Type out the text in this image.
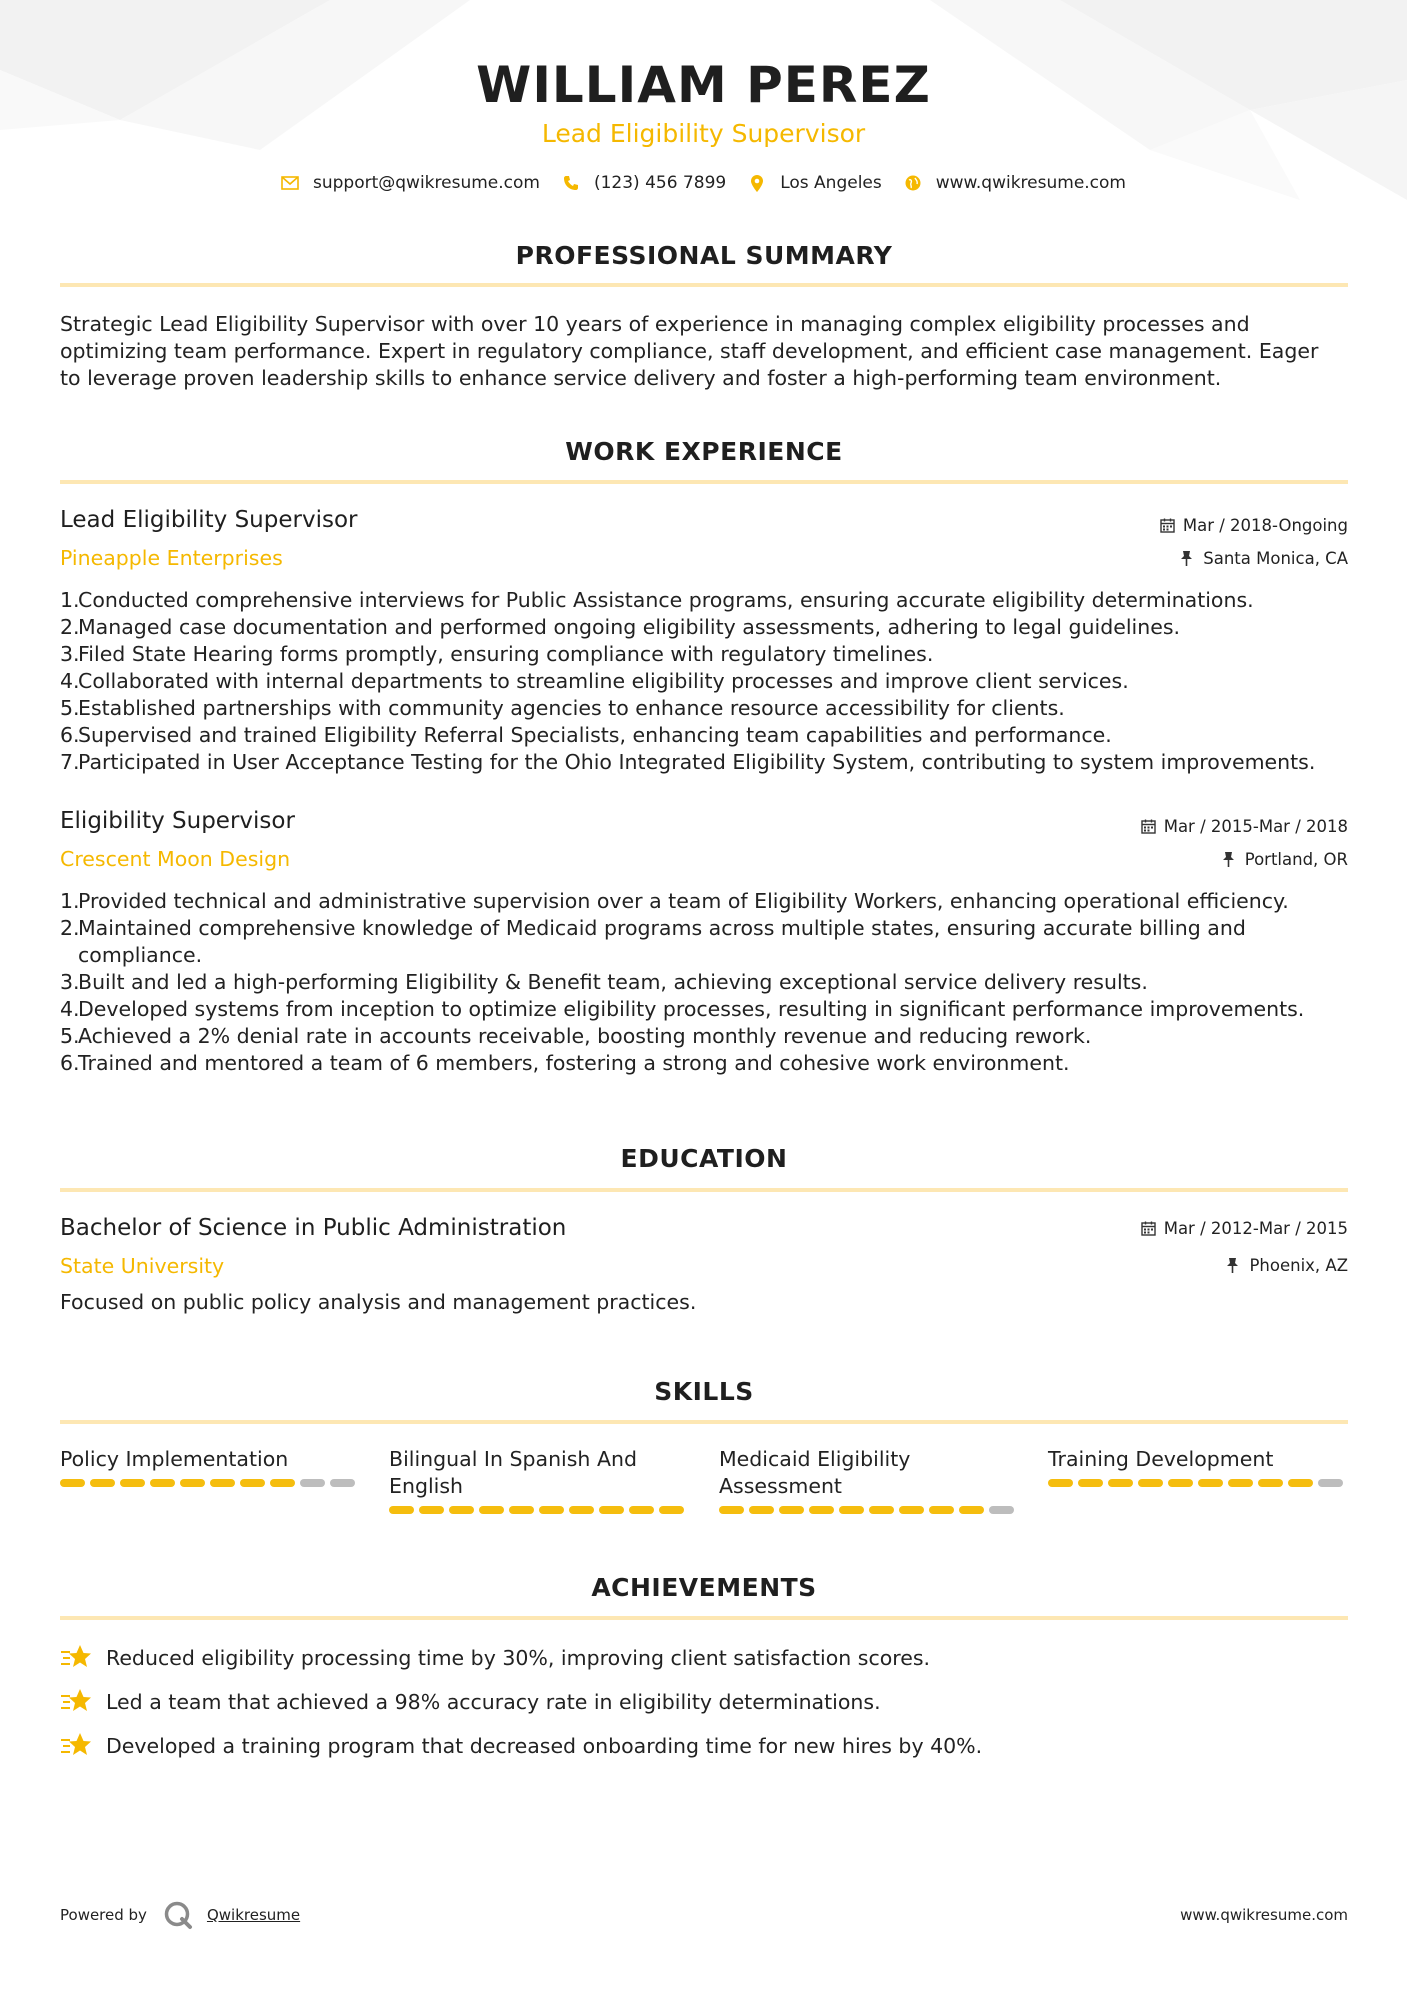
WILLIAM PEREZ
Lead Eligibility Supervisor
support@qwikresume.com	(123) 456 7899	Los Angeles	www.qwikresume.com
PROFESSIONAL SUMMARY
Strategic Lead Eligibility Supervisor with over 10 years of experience in managing complex eligibility processes and
optimizing team performance. Expert in regulatory compliance, staff development, and efficient case management. Eager
to leverage proven leadership skills to enhance service delivery and foster a high-performing team environment.
WORK EXPERIENCE
Lead Eligibility Supervisor
Pineapple Enterprises
Mar / 2018-Ongoing
Santa Monica, CA
1.
Conducted comprehensive interviews for Public Assistance programs, ensuring accurate eligibility determinations.
2.
Managed case documentation and performed ongoing eligibility assessments, adhering to legal guidelines.
3.
Filed State Hearing forms promptly, ensuring compliance with regulatory timelines.
4.
Collaborated with internal departments to streamline eligibility processes and improve client services.
5.
Established partnerships with community agencies to enhance resource accessibility for clients.
6.
Supervised and trained Eligibility Referral Specialists, enhancing team capabilities and performance.
7.
Participated in User Acceptance Testing for the Ohio Integrated Eligibility System, contributing to system improvements.
Eligibility Supervisor
Crescent Moon Design
Mar / 2015-Mar / 2018
Portland, OR
1.
Provided technical and administrative supervision over a team of Eligibility Workers, enhancing operational efficiency.
2.
Maintained comprehensive knowledge of Medicaid programs across multiple states, ensuring accurate billing and
compliance.
3.
Built and led a high-performing Eligibility & Benefit team, achieving exceptional service delivery results.
4.
Developed systems from inception to optimize eligibility processes, resulting in significant performance improvements.
5.
Achieved a 2% denial rate in accounts receivable, boosting monthly revenue and reducing rework.
6.
Trained and mentored a team of 6 members, fostering a strong and cohesive work environment.
EDUCATION
Bachelor of Science in Public Administration
State University
Mar / 2012-Mar / 2015
Phoenix, AZ
Focused on public policy analysis and management practices.
SKILLS
Policy Implementation	Bilingual In Spanish And
English
Medicaid Eligibility
Assessment
Training Development
ACHIEVEMENTS
Reduced eligibility processing time by 30%, improving client satisfaction scores.
Led a team that achieved a 98% accuracy rate in eligibility determinations.
Developed a training program that decreased onboarding time for new hires by 40%.
Powered by	Qwikresume	www.qwikresume.com
